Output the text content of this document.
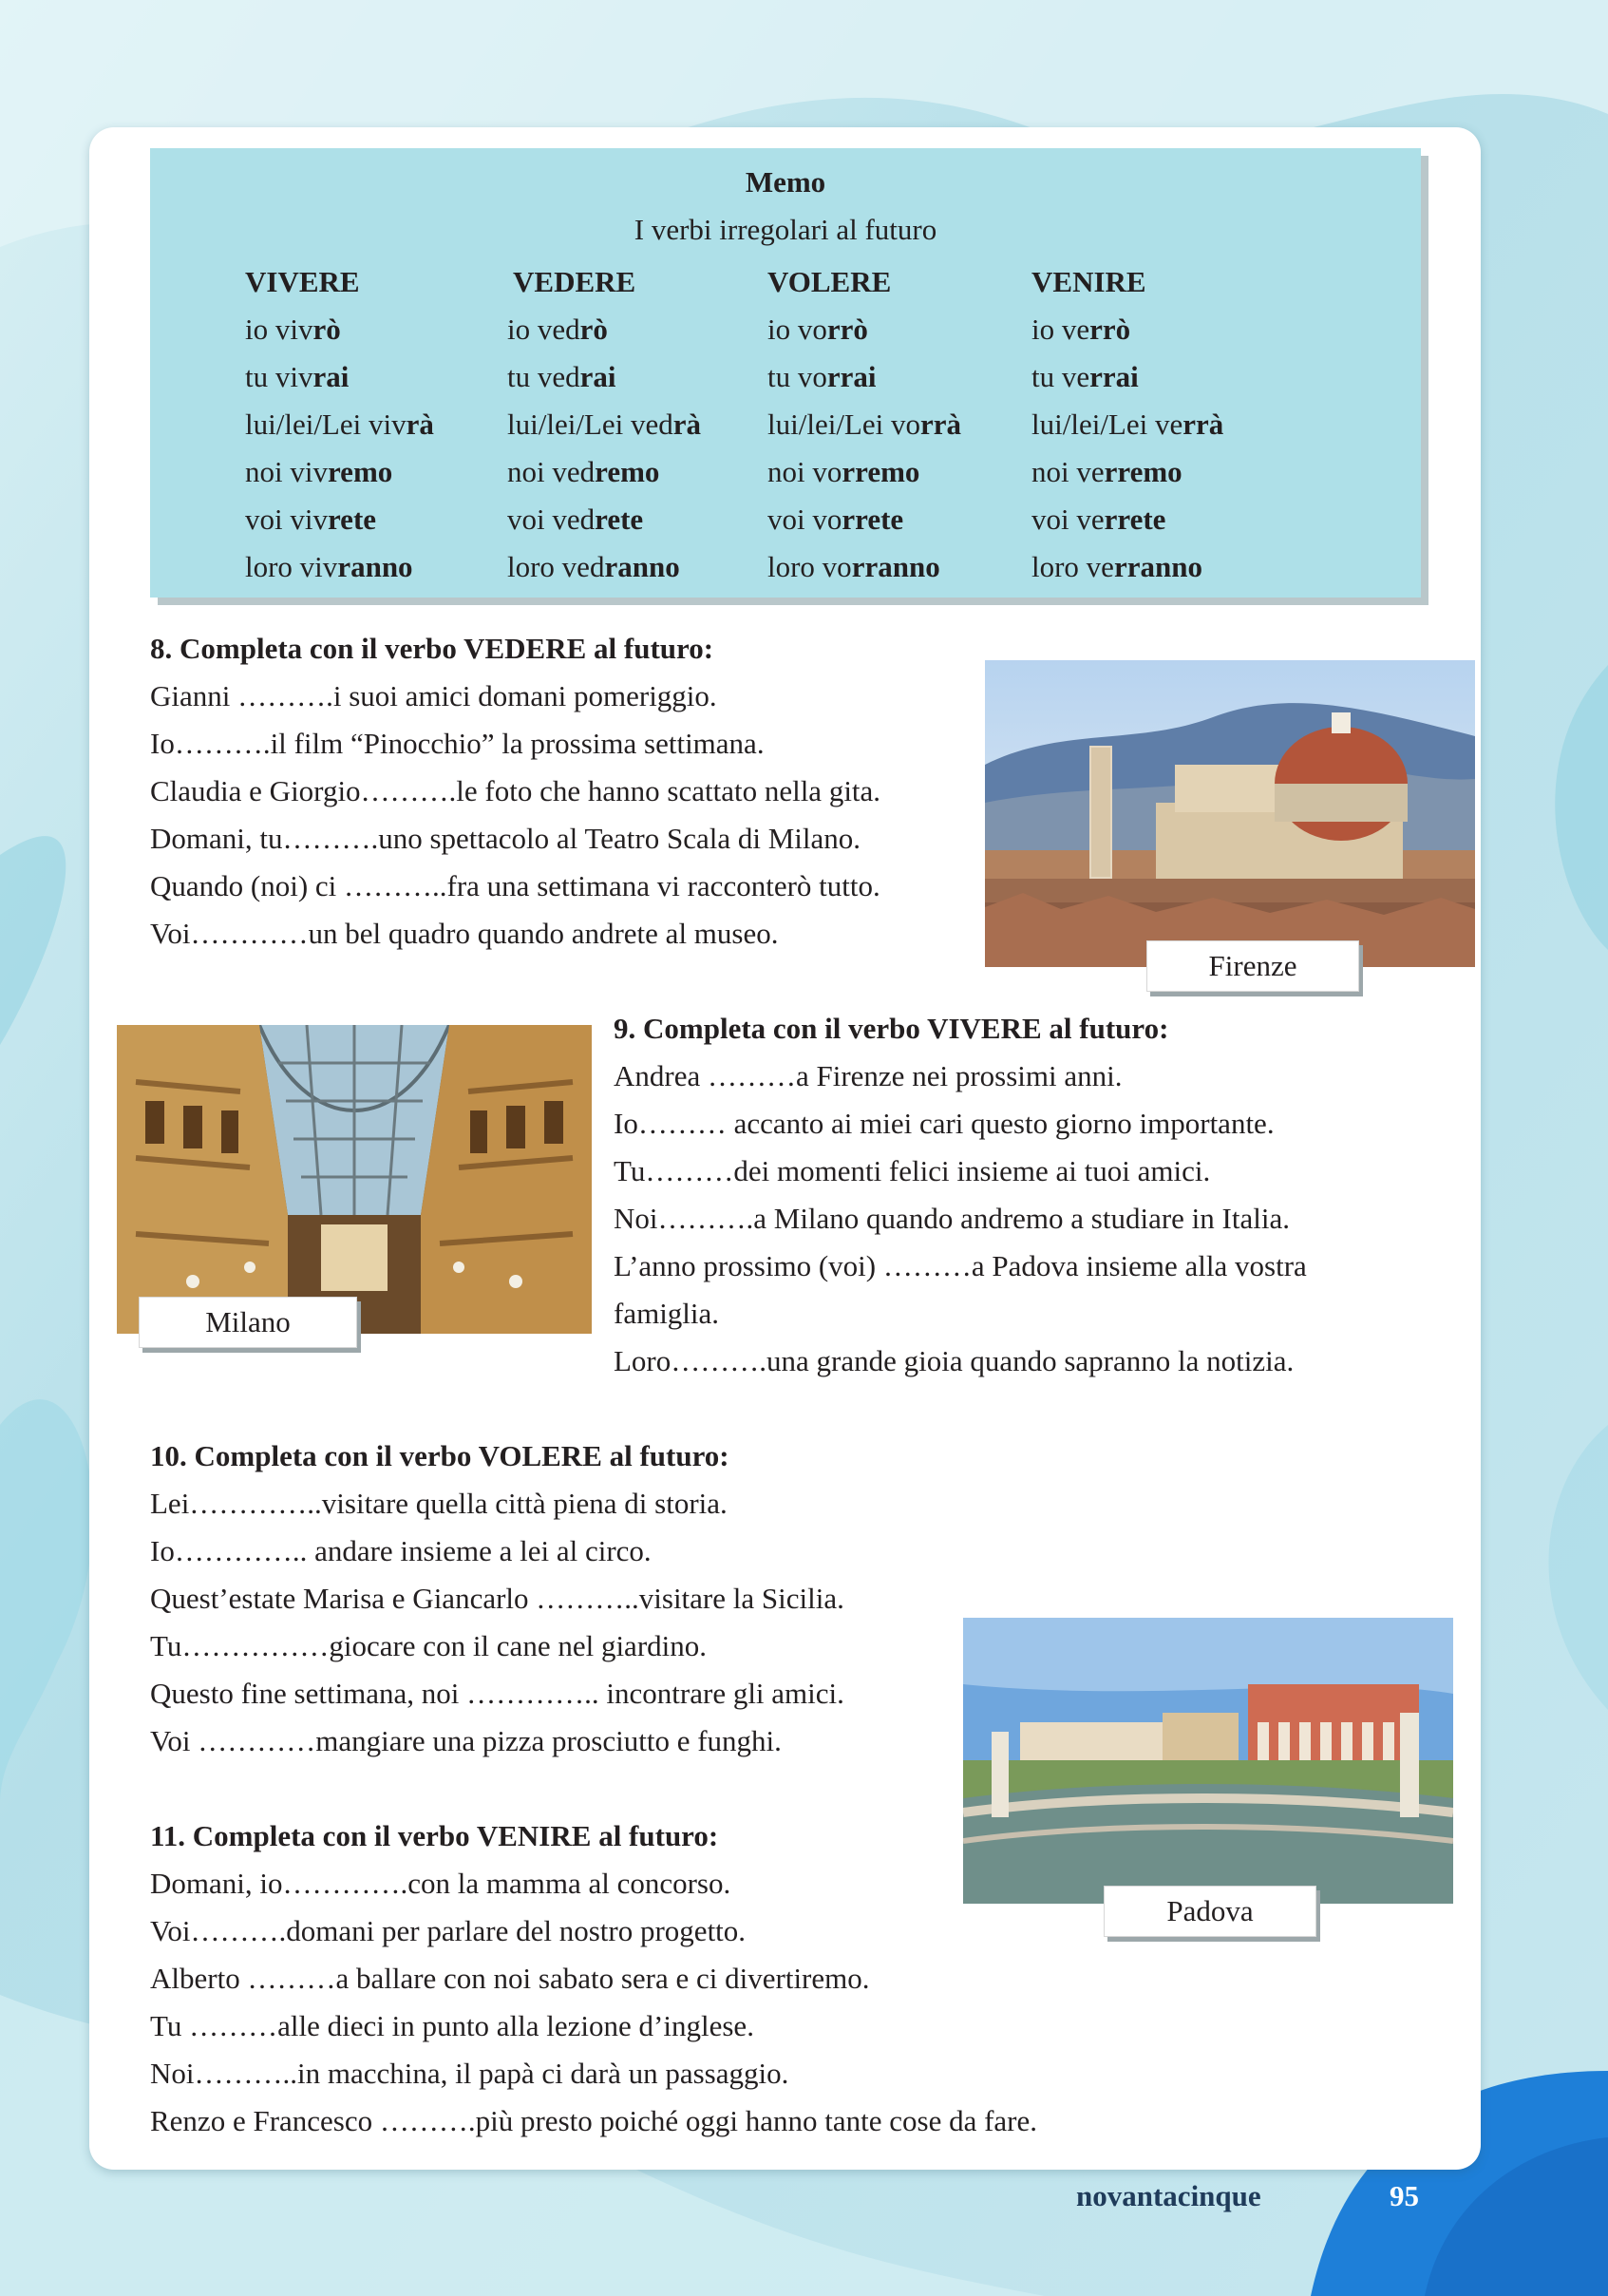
Memo
I verbi irregolari al futuro
VIVERE
io vivrò
tu vivrai
lui/lei/Lei vivrà
noi vivremo
voi vivrete
loro vivranno
VEDERE
io vedrò
tu vedrai
lui/lei/Lei vedrà
noi vedremo
voi vedrete
loro vedranno
VOLERE
io vorrò
tu vorrai
lui/lei/Lei vorrà
noi vorremo
voi vorrete
loro vorranno
VENIRE
io verrò
tu verrai
lui/lei/Lei verrà
noi verremo
voi verrete
loro verranno
8. Completa con il verbo VEDERE al futuro:
Gianni ……….i suoi amici domani pomeriggio.
Io……….il film “Pinocchio” la prossima settimana.
Claudia e Giorgio……….le foto che hanno scattato nella gita.
Domani, tu……….uno spettacolo al Teatro Scala di Milano.
Quando (noi) ci ………..fra una settimana vi racconterò tutto.
Voi…………un bel quadro quando andrete al museo.
Firenze
Milano
9. Completa con il verbo VIVERE al futuro:
Andrea ………a Firenze nei prossimi anni.
Io……… accanto ai miei cari questo giorno importante.
Tu………dei momenti felici insieme ai tuoi amici.
Noi……….a Milano quando andremo a studiare in Italia.
L’anno prossimo (voi) ………a Padova insieme alla vostra
famiglia.
Loro……….una grande gioia quando sapranno la notizia.
10. Completa con il verbo VOLERE al futuro:
Lei…………..visitare quella città piena di storia.
Io………….. andare insieme a lei al circo.
Quest’estate Marisa e Giancarlo ………..visitare la Sicilia.
Tu……………giocare con il cane nel giardino.
Questo fine settimana, noi ………….. incontrare gli amici.
Voi …………mangiare una pizza prosciutto e funghi.
Padova
11. Completa con il verbo VENIRE al futuro:
Domani, io………….con la mamma al concorso.
Voi……….domani per parlare del nostro progetto.
Alberto ………a ballare con noi sabato sera e ci divertiremo.
Tu ………alle dieci in punto alla lezione d’inglese.
Noi………..in macchina, il papà ci darà un passaggio.
Renzo e Francesco ……….più presto poiché oggi hanno tante cose da fare.
novantacinque	95
